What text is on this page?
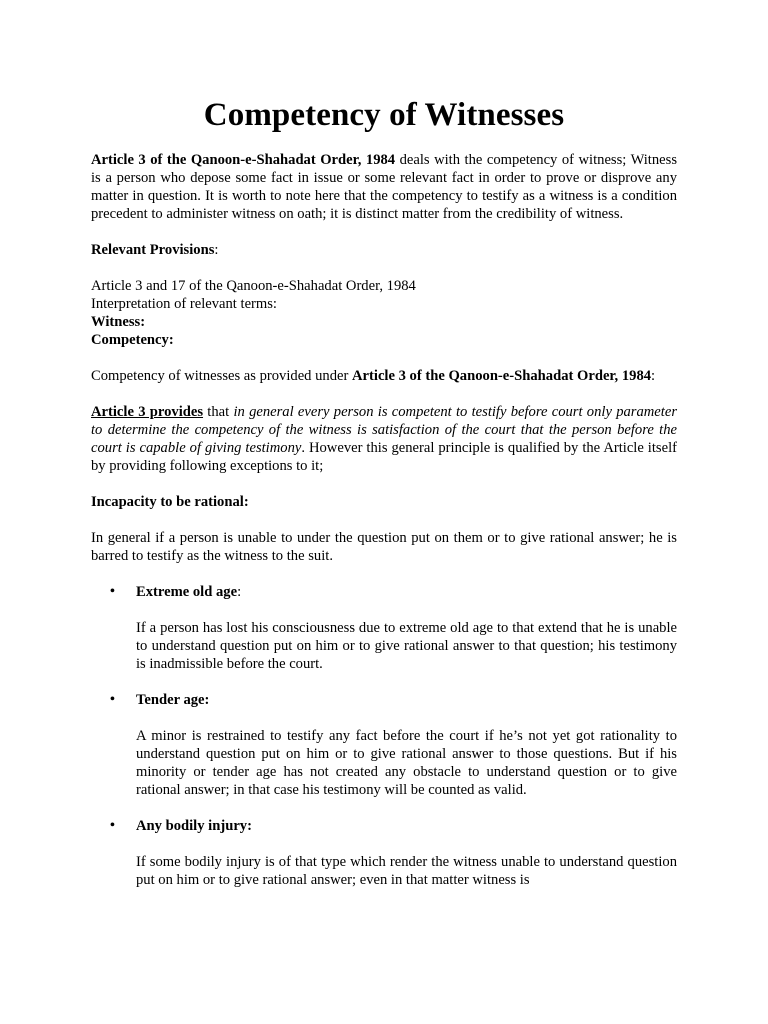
Competency of Witnesses

Article 3 of the Qanoon-e-Shahadat Order, 1984 deals with the competency of witness; Witness is a person who depose some fact in issue or some relevant fact in order to prove or disprove any matter in question. It is worth to note here that the competency to testify as a witness is a condition precedent to administer witness on oath; it is distinct matter from the credibility of witness.

Relevant Provisions:

Article 3 and 17 of the Qanoon-e-Shahadat Order, 1984
Interpretation of relevant terms:
Witness:
Competency:

Competency of witnesses as provided under Article 3 of the Qanoon-e-Shahadat Order, 1984:

Article 3 provides that in general every person is competent to testify before court only parameter to determine the competency of the witness is satisfaction of the court that the person before the court is capable of giving testimony. However this general principle is qualified by the Article itself by providing following exceptions to it;

Incapacity to be rational:

In general if a person is unable to under the question put on them or to give rational answer; he is barred to testify as the witness to the suit.

• Extreme old age:

If a person has lost his consciousness due to extreme old age to that extend that he is unable to understand question put on him or to give rational answer to that question; his testimony is inadmissible before the court.

• Tender age:

A minor is restrained to testify any fact before the court if he’s not yet got rationality to understand question put on him or to give rational answer to those questions. But if his minority or tender age has not created any obstacle to understand question or to give rational answer; in that case his testimony will be counted as valid.

• Any bodily injury:

If some bodily injury is of that type which render the witness unable to understand question put on him or to give rational answer; even in that matter witness is
